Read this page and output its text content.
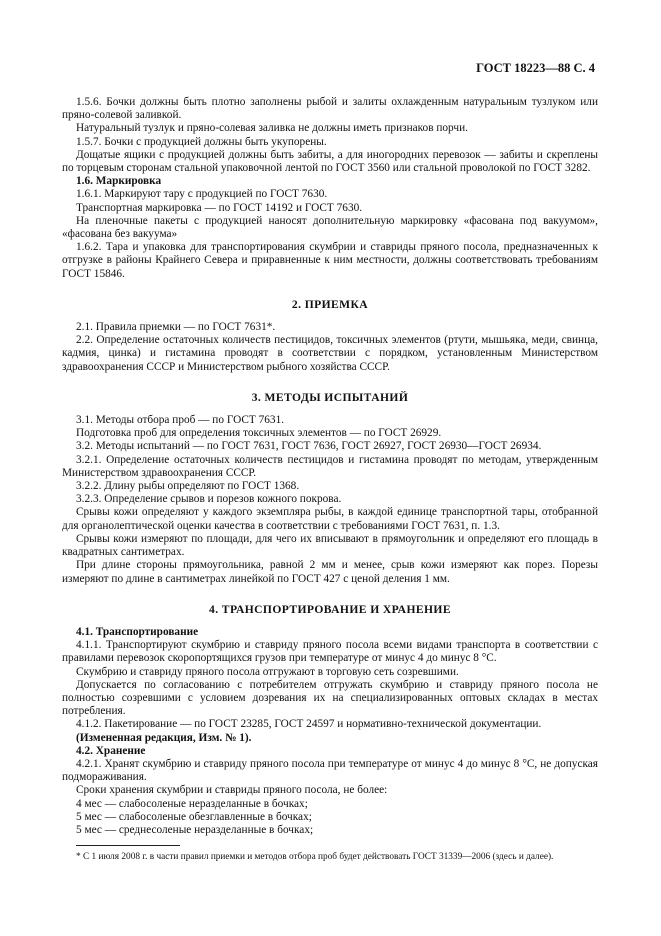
ГОСТ 18223—88 С. 4

1.5.6. Бочки должны быть плотно заполнены рыбой и залиты охлажденным натуральным тузлуком или пряно-солевой заливкой.

Натуральный тузлук и пряно-солевая заливка не должны иметь признаков порчи.

1.5.7. Бочки с продукцией должны быть укупорены.

Дощатые ящики с продукцией должны быть забиты, а для иногородних перевозок — забиты и скреплены по торцевым сторонам стальной упаковочной лентой по ГОСТ 3560 или стальной проволокой по ГОСТ 3282.

1.6. Маркировка

1.6.1. Маркируют тару с продукцией по ГОСТ 7630.

Транспортная маркировка — по ГОСТ 14192 и ГОСТ 7630.

На пленочные пакеты с продукцией наносят дополнительную маркировку «фасована под вакуумом», «фасована без вакуума»

1.6.2. Тара и упаковка для транспортирования скумбрии и ставриды пряного посола, предназначенных к отгрузке в районы Крайнего Севера и приравненные к ним местности, должны соответствовать требованиям ГОСТ 15846.

2. ПРИЕМКА

2.1. Правила приемки — по ГОСТ 7631*.

2.2. Определение остаточных количеств пестицидов, токсичных элементов (ртути, мышьяка, меди, свинца, кадмия, цинка) и гистамина проводят в соответствии с порядком, установленным Министерством здравоохранения СССР и Министерством рыбного хозяйства СССР.

3. МЕТОДЫ ИСПЫТАНИЙ

3.1. Методы отбора проб — по ГОСТ 7631.

Подготовка проб для определения токсичных элементов — по ГОСТ 26929.

3.2. Методы испытаний — по ГОСТ 7631, ГОСТ 7636, ГОСТ 26927, ГОСТ 26930—ГОСТ 26934.

3.2.1. Определение остаточных количеств пестицидов и гистамина проводят по методам, утвержденным Министерством здравоохранения СССР.

3.2.2. Длину рыбы определяют по ГОСТ 1368.

3.2.3. Определение срывов и порезов кожного покрова.

Срывы кожи определяют у каждого экземпляра рыбы, в каждой единице транспортной тары, отобранной для органолептической оценки качества в соответствии с требованиями ГОСТ 7631, п. 1.3.

Срывы кожи измеряют по площади, для чего их вписывают в прямоугольник и определяют его площадь в квадратных сантиметрах.

При длине стороны прямоугольника, равной 2 мм и менее, срыв кожи измеряют как порез. Порезы измеряют по длине в сантиметрах линейкой по ГОСТ 427 с ценой деления 1 мм.

4. ТРАНСПОРТИРОВАНИЕ И ХРАНЕНИЕ

4.1. Транспортирование

4.1.1. Транспортируют скумбрию и ставриду пряного посола всеми видами транспорта в соответствии с правилами перевозок скоропортящихся грузов при температуре от минус 4 до минус 8 °С.

Скумбрию и ставриду пряного посола отгружают в торговую сеть созревшими.

Допускается по согласованию с потребителем отгружать скумбрию и ставриду пряного посола не полностью созревшими с условием дозревания их на специализированных оптовых складах в местах потребления.

4.1.2. Пакетирование — по ГОСТ 23285, ГОСТ 24597 и нормативно-технической документации.

(Измененная редакция, Изм. № 1).

4.2. Хранение

4.2.1. Хранят скумбрию и ставриду пряного посола при температуре от минус 4 до минус 8 °С, не допуская подмораживания.

Сроки хранения скумбрии и ставриды пряного посола, не более:

4 мес — слабосоленые неразделанные в бочках;

5 мес — слабосоленые обезглавленные в бочках;

5 мес — среднесоленые неразделанные в бочках;

* С 1 июля 2008 г. в части правил приемки и методов отбора проб будет действовать ГОСТ 31339—2006 (здесь и далее).
